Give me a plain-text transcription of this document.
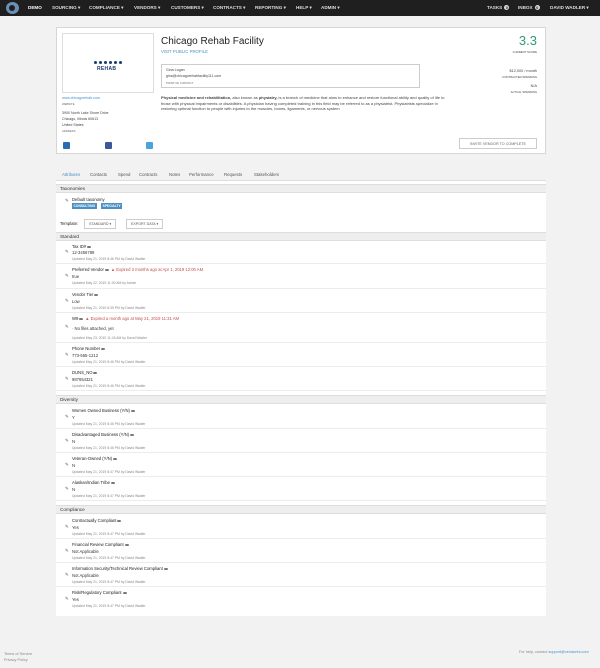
DEMO SOURCING ▾ COMPLIANCE ▾ VENDORS ▾ CUSTOMERS ▾ CONTRACTS ▾ REPORTING ▾ HELP ▾ ADMIN ▾	TASKS 0	INBOX 0	DAVID WADLER ▾
REHAB
www.chicagorehab.com
WEBSITE
3900 North Lake Shore Drive
Chicago, Illinois 60613
United States
ADDRESS
Chicago Rehab Facility
VISIT PUBLIC PROFILE
Gina Logan
gina@chicagorehabfacility111.com
POINT OF CONTACT
Physical medicine and rehabilitation, also known as physiatry, is a branch of medicine that aims to enhance and restore functional ability and quality of life to those with physical impairments or disabilities. A physician having completed training in this field may be referred to as a physiatrist. Physiatrists specialize in restoring optimal function to people with injuries to the muscles, bones, ligaments, or nervous system
3.3
CURRENT SCORE
$12,000 / month
CONTRACTED SPENDING
N/A
ACTUAL SPENDING
INVITE VENDOR TO COMPLETE
Attributes Contacts	Spend Contracts	Notes Performance Requests	Stakeholders
Taxonomies
✎ Default taxonomy
CONSULTING	SPECIALTY
Template:	STANDARD ▾	EXPORT DATA ▾
Standard
✎
Tax ID#
12-3456789
Updated May 21, 2019 8:46 PM by David Wadler
✎
Preferred Vendor ▲ Expired 3 months ago at Apr 1, 2019 12:00 AM
true
Updated May 22, 2019 11:30 AM by Admin
✎
Vendor Tier
Low
Updated May 21, 2019 8:39 PM by David Wadler
✎
W9 ▲ Expired a month ago at May 21, 2019 11:31 AM
· No files attached, yet
Updated May 23, 2019 11:43 AM by David Wadler
✎
Phone Number
773-555-1212
Updated May 21, 2019 8:46 PM by David Wadler
✎
DUNS_NO
987654321
Updated May 21, 2019 8:46 PM by David Wadler
Diversity
✎
Women Owned Business (Y/N)
Y
Updated May 21, 2019 8:46 PM by David Wadler
✎
Disadvantaged Business (Y/N)
N
Updated May 21, 2019 8:46 PM by David Wadler
✎
Veteran-Owned (Y/N)
N
Updated May 21, 2019 8:47 PM by David Wadler
✎
Alaskan/Indian Tribe
N
Updated May 21, 2019 8:47 PM by David Wadler
Compliance
✎
Contractually Compliant
Yes
Updated May 21, 2019 8:47 PM by David Wadler
✎
Financial Review Compliant
Not Applicable
Updated May 21, 2019 8:47 PM by David Wadler
✎
Information Security/Technical Review Compliant
Not Applicable
Updated May 21, 2019 8:47 PM by David Wadler
✎
Risk/Regulatory Compliant
Yes
Updated May 21, 2019 8:47 PM by David Wadler
Terms of Service
Privacy Policy
For help, contact support@vendorful.com
